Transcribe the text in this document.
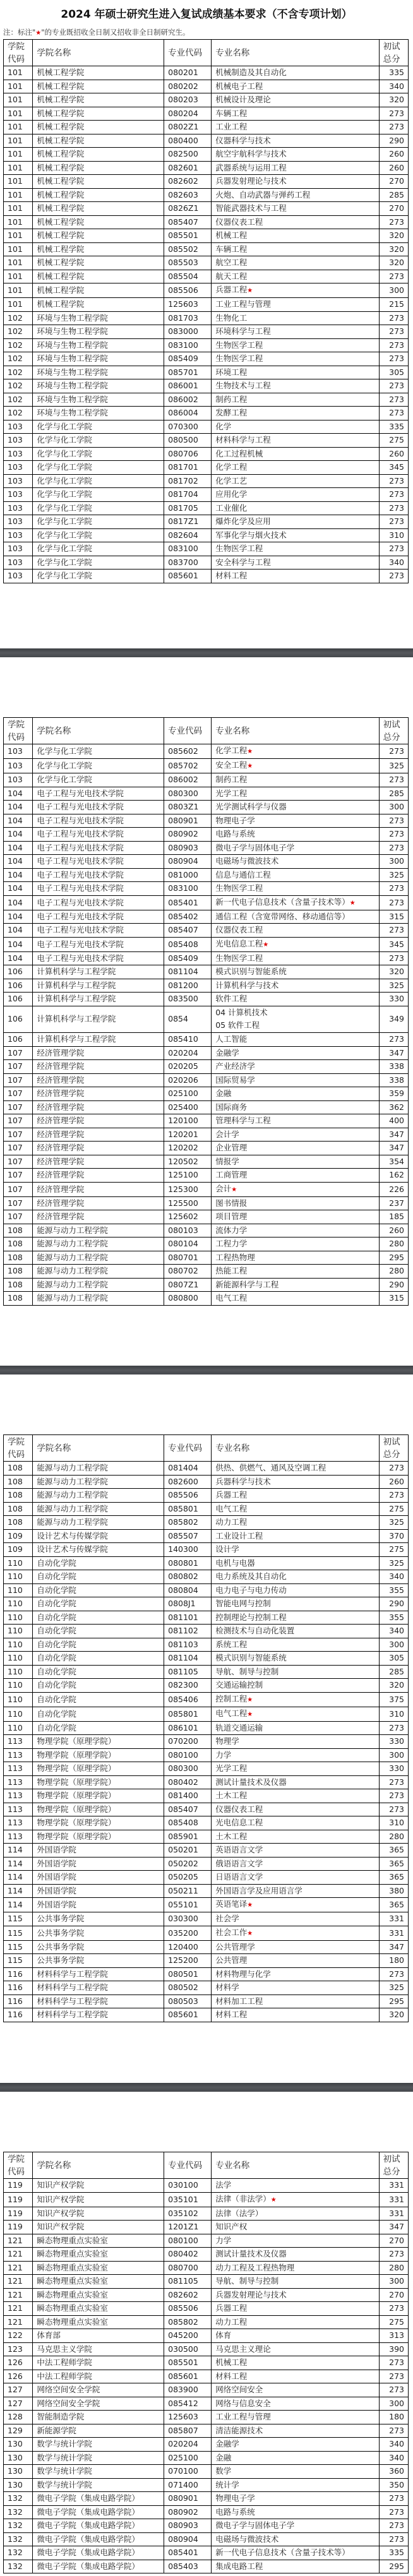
2024 年硕士研究生进入复试成绩基本要求（不含专项计划）
注：标注"★"的专业既招收全日制又招收非全日制研究生。
学院代码	学院名称	专业代码	专业名称	初试总分
101	机械工程学院	080201	机械制造及其自动化	335
101	机械工程学院	080202	机械电子工程	340
101	机械工程学院	080203	机械设计及理论	320
101	机械工程学院	080204	车辆工程	273
101	机械工程学院	0802Z1	工业工程	273
101	机械工程学院	080400	仪器科学与技术	290
101	机械工程学院	082500	航空宇航科学与技术	260
101	机械工程学院	082601	武器系统与运用工程	260
101	机械工程学院	082602	兵器发射理论与技术	270
101	机械工程学院	082603	火炮、自动武器与弹药工程	285
101	机械工程学院	0826Z1	智能武器技术与工程	270
101	机械工程学院	085407	仪器仪表工程	273
101	机械工程学院	085501	机械工程	320
101	机械工程学院	085502	车辆工程	320
101	机械工程学院	085503	航空工程	320
101	机械工程学院	085504	航天工程	273
101	机械工程学院	085506	兵器工程★	300
101	机械工程学院	125603	工业工程与管理	215
102	环境与生物工程学院	081703	生物化工	273
102	环境与生物工程学院	083000	环境科学与工程	273
102	环境与生物工程学院	083100	生物医学工程	273
102	环境与生物工程学院	085409	生物医学工程	273
102	环境与生物工程学院	085701	环境工程	305
102	环境与生物工程学院	086001	生物技术与工程	273
102	环境与生物工程学院	086002	制药工程	273
102	环境与生物工程学院	086004	发酵工程	273
103	化学与化工学院	070300	化学	335
103	化学与化工学院	080500	材料科学与工程	275
103	化学与化工学院	080706	化工过程机械	260
103	化学与化工学院	081701	化学工程	345
103	化学与化工学院	081702	化学工艺	273
103	化学与化工学院	081704	应用化学	273
103	化学与化工学院	081705	工业催化	273
103	化学与化工学院	0817Z1	爆炸化学及应用	273
103	化学与化工学院	082604	军事化学与烟火技术	310
103	化学与化工学院	083100	生物医学工程	273
103	化学与化工学院	083700	安全科学与工程	340
103	化学与化工学院	085601	材料工程	273
学院代码	学院名称	专业代码	专业名称	初试总分
103	化学与化工学院	085602	化学工程★	273
103	化学与化工学院	085702	安全工程★	325
103	化学与化工学院	086002	制药工程	273
104	电子工程与光电技术学院	080300	光学工程	285
104	电子工程与光电技术学院	0803Z1	光学测试科学与仪器	300
104	电子工程与光电技术学院	080901	物理电子学	273
104	电子工程与光电技术学院	080902	电路与系统	273
104	电子工程与光电技术学院	080903	微电子学与固体电子学	273
104	电子工程与光电技术学院	080904	电磁场与微波技术	300
104	电子工程与光电技术学院	081000	信息与通信工程	325
104	电子工程与光电技术学院	083100	生物医学工程	273
104	电子工程与光电技术学院	085401	新一代电子信息技术（含量子技术等）★	273
104	电子工程与光电技术学院	085402	通信工程（含宽带网络、移动通信等）	315
104	电子工程与光电技术学院	085407	仪器仪表工程	273
104	电子工程与光电技术学院	085408	光电信息工程★	345
104	电子工程与光电技术学院	085409	生物医学工程	273
106	计算机科学与工程学院	081104	模式识别与智能系统	320
106	计算机科学与工程学院	081200	计算机科学与技术	325
106	计算机科学与工程学院	083500	软件工程	330
106	计算机科学与工程学院	0854	04 计算机技术
05 软件工程	349
106	计算机科学与工程学院	085410	人工智能	273
107	经济管理学院	020204	金融学	347
107	经济管理学院	020205	产业经济学	338
107	经济管理学院	020206	国际贸易学	338
107	经济管理学院	025100	金融	359
107	经济管理学院	025400	国际商务	362
107	经济管理学院	120100	管理科学与工程	400
107	经济管理学院	120201	会计学	347
107	经济管理学院	120202	企业管理	347
107	经济管理学院	120502	情报学	354
107	经济管理学院	125100	工商管理	162
107	经济管理学院	125300	会计★	226
107	经济管理学院	125500	图书情报	237
107	经济管理学院	125602	项目管理	185
108	能源与动力工程学院	080103	流体力学	260
108	能源与动力工程学院	080104	工程力学	280
108	能源与动力工程学院	080701	工程热物理	295
108	能源与动力工程学院	080702	热能工程	280
108	能源与动力工程学院	0807Z1	新能源科学与工程	290
108	能源与动力工程学院	080800	电气工程	315
学院代码	学院名称	专业代码	专业名称	初试总分
108	能源与动力工程学院	081404	供热、供燃气、通风及空调工程	273
108	能源与动力工程学院	082600	兵器科学与技术	260
108	能源与动力工程学院	085506	兵器工程	273
108	能源与动力工程学院	085801	电气工程	275
108	能源与动力工程学院	085802	动力工程	325
109	设计艺术与传媒学院	085507	工业设计工程	370
109	设计艺术与传媒学院	140300	设计学	275
110	自动化学院	080801	电机与电器	325
110	自动化学院	080802	电力系统及其自动化	340
110	自动化学院	080804	电力电子与电力传动	355
110	自动化学院	0808J1	智能电网与控制	290
110	自动化学院	081101	控制理论与控制工程	355
110	自动化学院	081102	检测技术与自动化装置	340
110	自动化学院	081103	系统工程	300
110	自动化学院	081104	模式识别与智能系统	305
110	自动化学院	081105	导航、制导与控制	285
110	自动化学院	082300	交通运输控制	320
110	自动化学院	085406	控制工程★	375
110	自动化学院	085801	电气工程★	310
110	自动化学院	086101	轨道交通运输	273
113	物理学院（原理学院）	070200	物理学	330
113	物理学院（原理学院）	080100	力学	300
113	物理学院（原理学院）	080300	光学工程	330
113	物理学院（原理学院）	080402	测试计量技术及仪器	273
113	物理学院（原理学院）	081400	土木工程	273
113	物理学院（原理学院）	085407	仪器仪表工程	273
113	物理学院（原理学院）	085408	光电信息工程	310
113	物理学院（原理学院）	085901	土木工程	280
114	外国语学院	050201	英语语言文学	365
114	外国语学院	050202	俄语语言文学	365
114	外国语学院	050205	日语语言文学	365
114	外国语学院	050211	外国语言学及应用语言学	380
114	外国语学院	055101	英语笔译★	365
115	公共事务学院	030300	社会学	331
115	公共事务学院	035200	社会工作★	331
115	公共事务学院	120400	公共管理学	347
115	公共事务学院	125200	公共管理	180
116	材料科学与工程学院	080501	材料物理与化学	273
116	材料科学与工程学院	080502	材料学	325
116	材料科学与工程学院	080503	材料加工工程	295
116	材料科学与工程学院	085601	材料工程	320
学院代码	学院名称	专业代码	专业名称	初试总分
119	知识产权学院	030100	法学	331
119	知识产权学院	035101	法律（非法学）★	331
119	知识产权学院	035102	法律（法学）	331
119	知识产权学院	1201Z1	知识产权	347
121	瞬态物理重点实验室	080100	力学	270
121	瞬态物理重点实验室	080402	测试计量技术及仪器	273
121	瞬态物理重点实验室	080700	动力工程及工程热物理	280
121	瞬态物理重点实验室	081105	导航、制导与控制	300
121	瞬态物理重点实验室	082602	兵器发射理论与技术	270
121	瞬态物理重点实验室	085506	兵器工程	273
121	瞬态物理重点实验室	085802	动力工程	275
122	体育部	045200	体育	313
123	马克思主义学院	030500	马克思主义理论	390
126	中法工程师学院	085501	机械工程	273
126	中法工程师学院	085601	材料工程	273
127	网络空间安全学院	083900	网络空间安全	273
127	网络空间安全学院	085412	网络与信息安全	300
128	智能制造学院	125603	工业工程与管理	180
129	新能源学院	085807	清洁能源技术	273
130	数学与统计学院	020204	金融学	340
130	数学与统计学院	025100	金融	340
130	数学与统计学院	070100	数学	360
130	数学与统计学院	071400	统计学	350
132	微电子学院（集成电路学院）	080901	物理电子学	273
132	微电子学院（集成电路学院）	080902	电路与系统	273
132	微电子学院（集成电路学院）	080903	微电子学与固体电子学	273
132	微电子学院（集成电路学院）	080904	电磁场与微波技术	273
132	微电子学院（集成电路学院）	085401	新一代电子信息技术（含量子技术等）	335
132	微电子学院（集成电路学院）	085403	集成电路工程	295
